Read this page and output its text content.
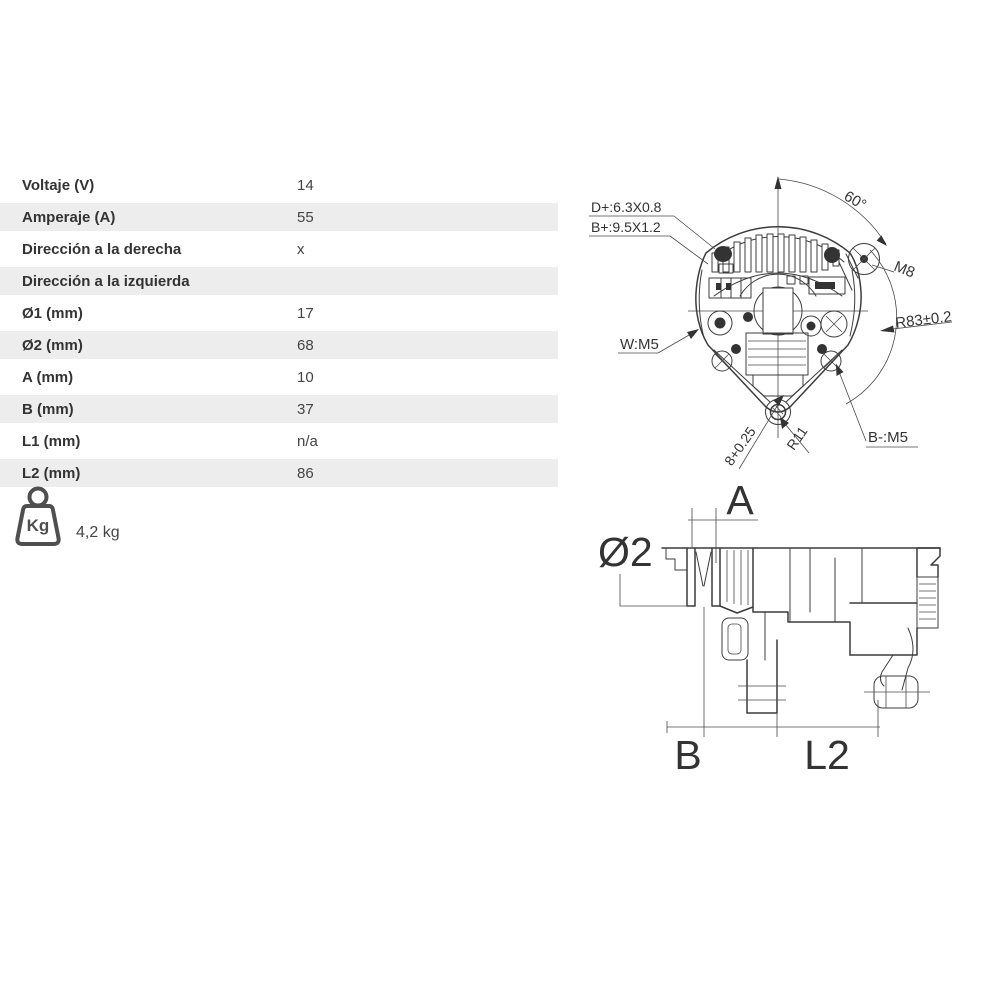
Voltaje (V)	14
Amperaje (A)	55
Dirección a la derecha	x
Dirección a la izquierda
Ø1 (mm)	17
Ø2 (mm)	68
A (mm)	10
B (mm)	37
L1 (mm)	n/a
L2 (mm)	86
Kg 4,2 kg
60°
R83±0.2
M8
D+:6.3X0.8
B+:9.5X1.2
W:M5
B-:M5
R11
8+0.25
A
Ø2
B	L2
